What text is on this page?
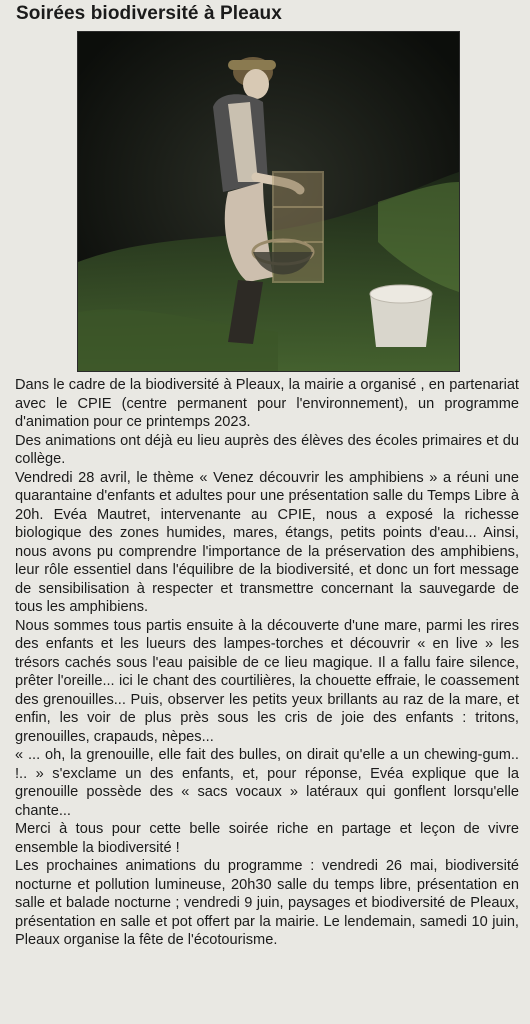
Soirées biodiversité à Pleaux

Dans le cadre de la biodiversité à Pleaux, la mairie a organisé , en partenariat avec le CPIE (centre permanent pour l'environnement), un programme d'animation pour ce printemps 2023.

Des animations ont déjà eu lieu auprès des élèves des écoles primaires et du collège.

Vendredi 28 avril, le thème « Venez découvrir les amphibiens » a réuni une quarantaine d'enfants et adultes pour une présentation salle du Temps Libre à 20h. Evéa Mautret, intervenante au CPIE, nous a exposé la richesse biologique des zones humides, mares, étangs, petits points d'eau... Ainsi, nous avons pu comprendre l'importance de la préservation des amphibiens, leur rôle essentiel dans l'équilibre de la biodiversité, et donc un fort message de sensibilisation à respecter et transmettre concernant la sauvegarde de tous les amphibiens.

Nous sommes tous partis ensuite à la découverte d'une mare, parmi les rires des enfants et les lueurs des lampes-torches et découvrir « en live » les trésors cachés sous l'eau paisible de ce lieu magique. Il a fallu faire silence, prêter l'oreille... ici le chant des courtilières, la chouette effraie, le coassement des grenouilles... Puis, observer les petits yeux brillants au raz de la mare, et enfin, les voir de plus près sous les cris de joie des enfants : tritons, grenouilles, crapauds, nèpes...

« ... oh, la grenouille, elle fait des bulles, on dirait qu'elle a un chewing-gum.. !.. » s'exclame un des enfants, et, pour réponse, Evéa explique que la grenouille possède des « sacs vocaux » latéraux qui gonflent lorsqu'elle chante...

Merci à tous pour cette belle soirée riche en partage et leçon de vivre ensemble la biodiversité !

Les prochaines animations du programme : vendredi 26 mai, biodiversité nocturne et pollution lumineuse, 20h30 salle du temps libre, présentation en salle et balade nocturne ; vendredi 9 juin, paysages et biodiversité de Pleaux, présentation en salle et pot offert par la mairie. Le lendemain, samedi 10 juin, Pleaux organise la fête de l'écotourisme.
